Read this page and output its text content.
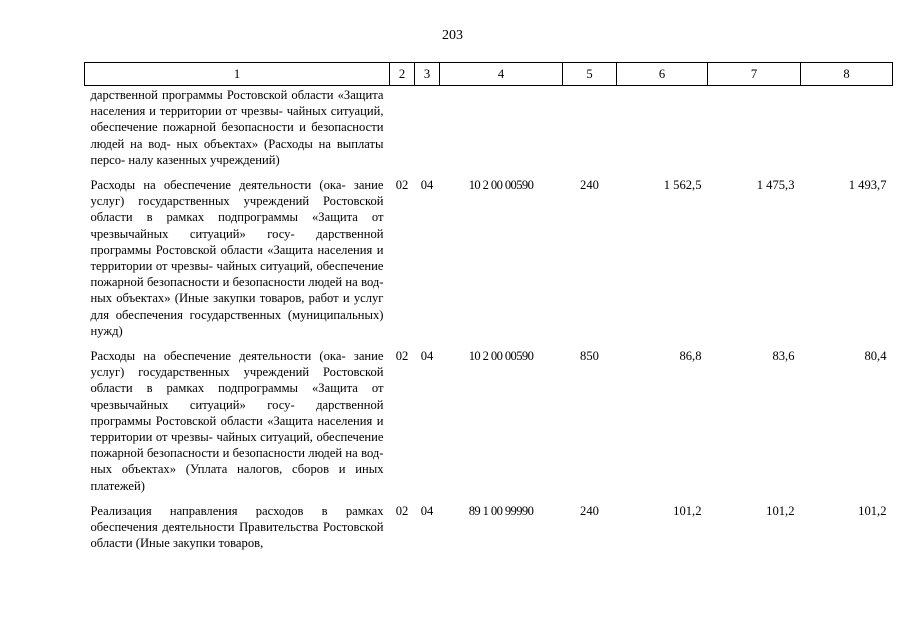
203
1	2	3	4	5	6	7	8
дарственной программы Ростовской области «Защита населения и территории от чрезвы- чайных ситуаций, обеспечение пожарной безопасности и безопасности людей на вод- ных объектах» (Расходы на выплаты персо- налу казенных учреждений)							
Расходы на обеспечение деятельности (ока- зание услуг) государственных учреждений Ростовской области в рамках подпрограммы «Защита от чрезвычайных ситуаций» госу- дарственной программы Ростовской области «Защита населения и территории от чрезвы- чайных ситуаций, обеспечение пожарной безопасности и безопасности людей на вод- ных объектах» (Иные закупки товаров, работ и услуг для обеспечения государственных (муниципальных) нужд)	02	04	10 2 00 00590	240	1 562,5	1 475,3	1 493,7
Расходы на обеспечение деятельности (ока- зание услуг) государственных учреждений Ростовской области в рамках подпрограммы «Защита от чрезвычайных ситуаций» госу- дарственной программы Ростовской области «Защита населения и территории от чрезвы- чайных ситуаций, обеспечение пожарной безопасности и безопасности людей на вод- ных объектах» (Уплата налогов, сборов и иных платежей)	02	04	10 2 00 00590	850	86,8	83,6	80,4
Реализация направления расходов в рамках обеспечения деятельности Правительства Ростовской области (Иные закупки товаров,	02	04	89 1 00 99990	240	101,2	101,2	101,2
